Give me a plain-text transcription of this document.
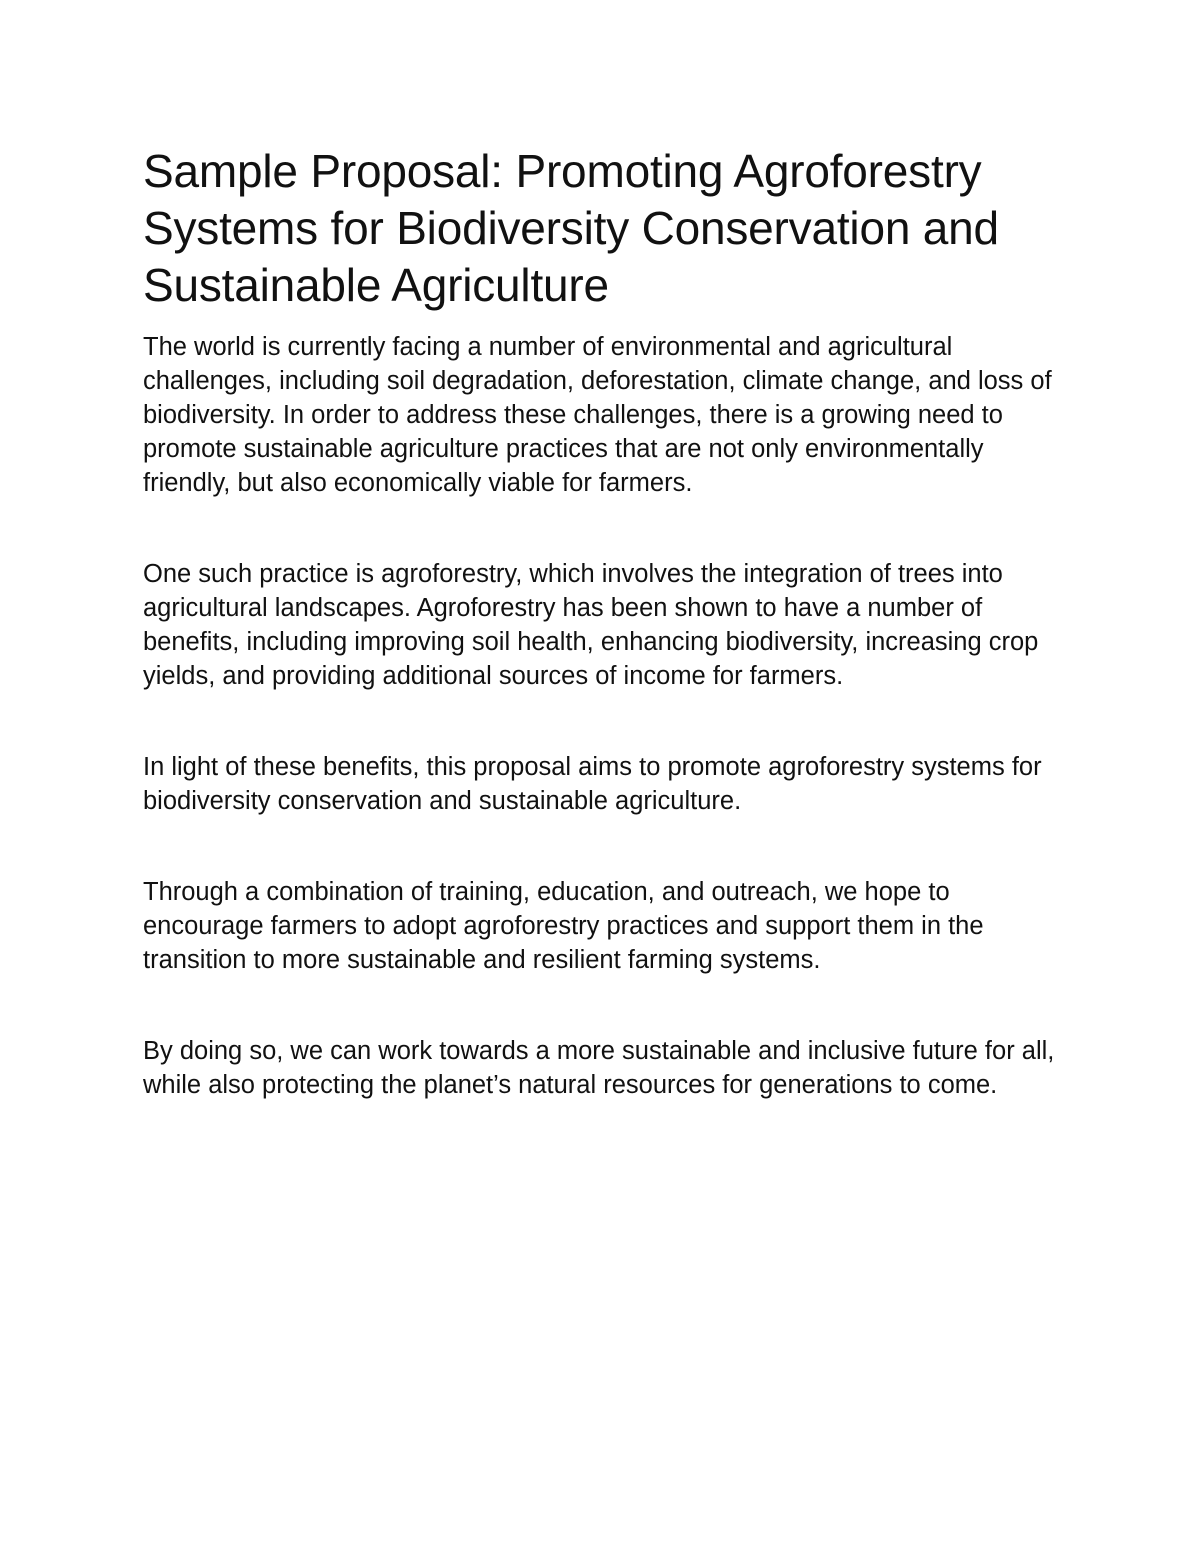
Sample Proposal: Promoting Agroforestry Systems for Biodiversity Conservation and Sustainable Agriculture

The world is currently facing a number of environmental and agricultural challenges, including soil degradation, deforestation, climate change, and loss of biodiversity. In order to address these challenges, there is a growing need to promote sustainable agriculture practices that are not only environmentally friendly, but also economically viable for farmers.

One such practice is agroforestry, which involves the integration of trees into agricultural landscapes. Agroforestry has been shown to have a number of benefits, including improving soil health, enhancing biodiversity, increasing crop yields, and providing additional sources of income for farmers.

In light of these benefits, this proposal aims to promote agroforestry systems for biodiversity conservation and sustainable agriculture.

Through a combination of training, education, and outreach, we hope to encourage farmers to adopt agroforestry practices and support them in the transition to more sustainable and resilient farming systems.

By doing so, we can work towards a more sustainable and inclusive future for all, while also protecting the planet’s natural resources for generations to come.
